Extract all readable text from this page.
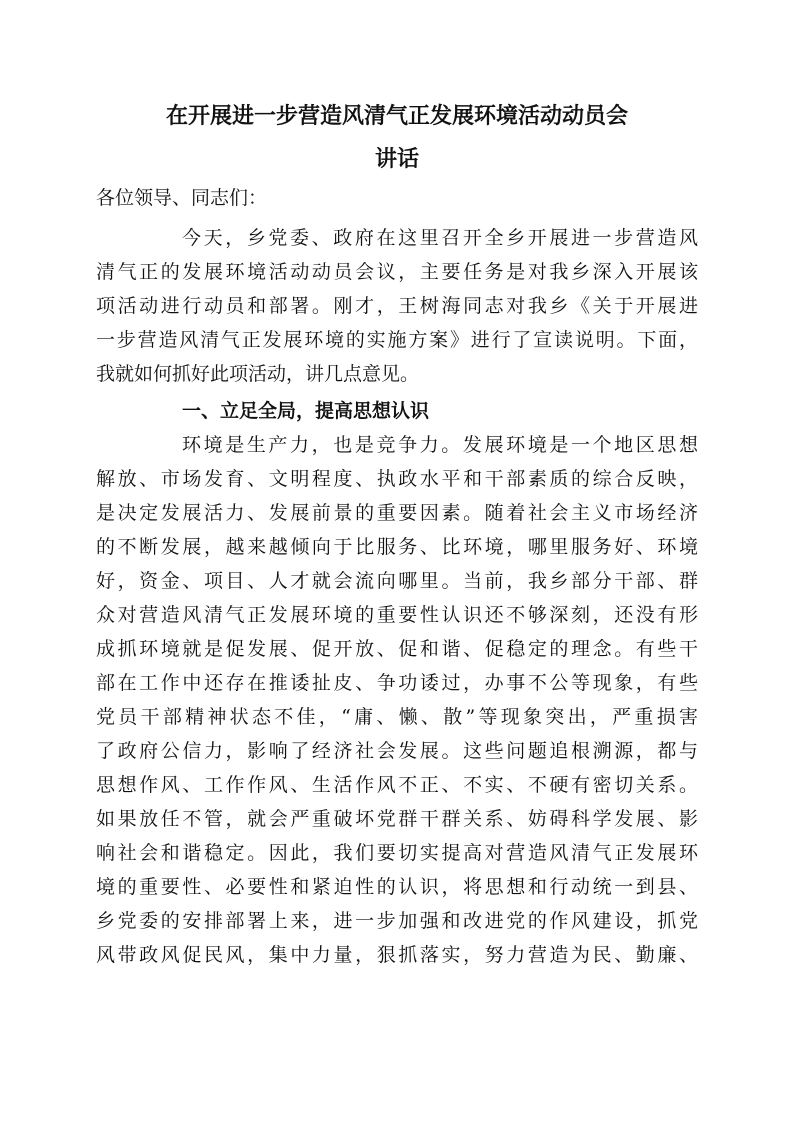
在开展进一步营造风清气正发展环境活动动员会
讲话
各位领导、同志们：
今天，乡党委、政府在这里召开全乡开展进一步营造风
清气正的发展环境活动动员会议，主要任务是对我乡深入开展该
项活动进行动员和部署。刚才，王树海同志对我乡《关于开展进
一步营造风清气正发展环境的实施方案》进行了宣读说明。下面，
我就如何抓好此项活动，讲几点意见。
一、立足全局，提高思想认识
环境是生产力，也是竞争力。发展环境是一个地区思想
解放、市场发育、文明程度、执政水平和干部素质的综合反映，
是决定发展活力、发展前景的重要因素。随着社会主义市场经济
的不断发展，越来越倾向于比服务、比环境，哪里服务好、环境
好，资金、项目、人才就会流向哪里。当前，我乡部分干部、群
众对营造风清气正发展环境的重要性认识还不够深刻，还没有形
成抓环境就是促发展、促开放、促和谐、促稳定的理念。有些干
部在工作中还存在推诿扯皮、争功诿过，办事不公等现象，有些
党员干部精神状态不佳，“庸、懒、散”等现象突出，严重损害
了政府公信力，影响了经济社会发展。这些问题追根溯源，都与
思想作风、工作作风、生活作风不正、不实、不硬有密切关系。
如果放任不管，就会严重破坏党群干群关系、妨碍科学发展、影
响社会和谐稳定。因此，我们要切实提高对营造风清气正发展环
境的重要性、必要性和紧迫性的认识，将思想和行动统一到县、
乡党委的安排部署上来，进一步加强和改进党的作风建设，抓党
风带政风促民风，集中力量，狠抓落实，努力营造为民、勤廉、
